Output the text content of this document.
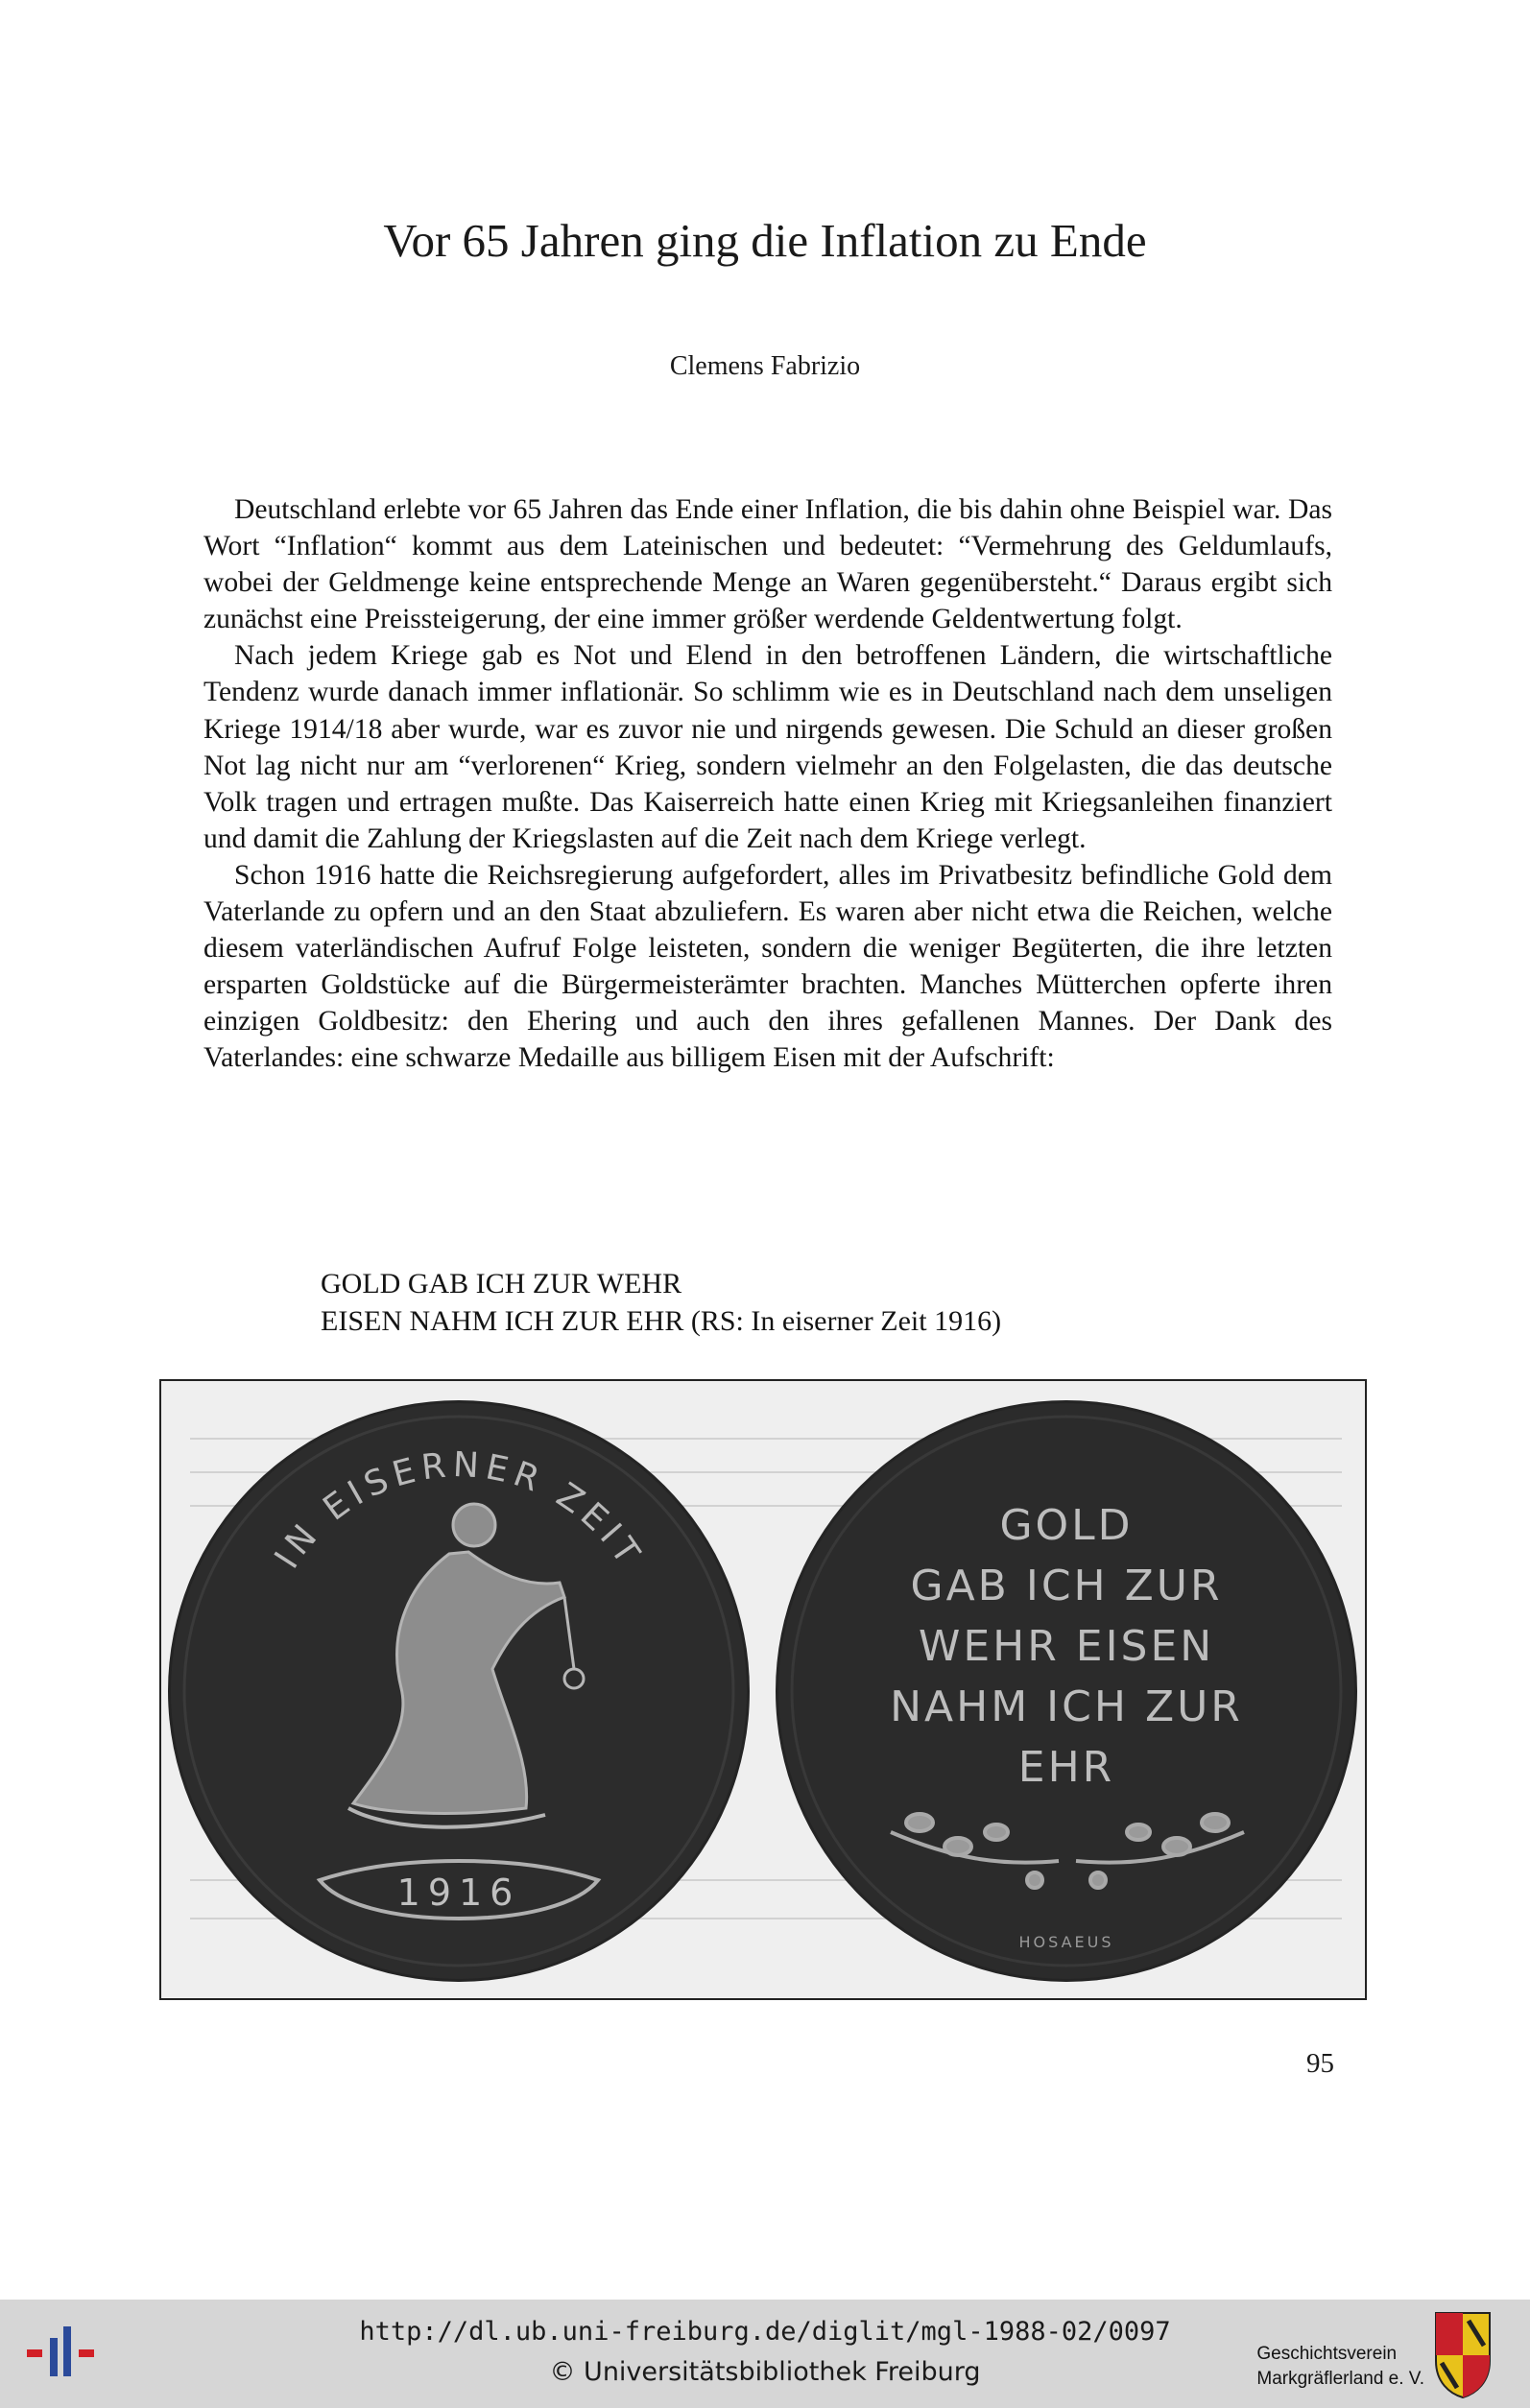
Vor 65 Jahren ging die Inflation zu Ende
Clemens Fabrizio

Deutschland erlebte vor 65 Jahren das Ende einer Inflation, die bis dahin ohne Beispiel war. Das Wort “Inflation“ kommt aus dem Lateinischen und bedeutet: “Vermehrung des Geldumlaufs, wobei der Geldmenge keine entsprechende Menge an Waren gegenübersteht.“ Daraus ergibt sich zunächst eine Preissteigerung, der eine immer größer werdende Geldentwertung folgt.

Nach jedem Kriege gab es Not und Elend in den betroffenen Ländern, die wirtschaftliche Tendenz wurde danach immer inflationär. So schlimm wie es in Deutschland nach dem unseligen Kriege 1914/18 aber wurde, war es zuvor nie und nirgends gewesen. Die Schuld an dieser großen Not lag nicht nur am “verlorenen“ Krieg, sondern vielmehr an den Folgelasten, die das deutsche Volk tragen und ertragen mußte. Das Kaiserreich hatte einen Krieg mit Kriegsanleihen finanziert und damit die Zahlung der Kriegslasten auf die Zeit nach dem Kriege verlegt.

Schon 1916 hatte die Reichsregierung aufgefordert, alles im Privatbesitz befindliche Gold dem Vaterlande zu opfern und an den Staat abzuliefern. Es waren aber nicht etwa die Reichen, welche diesem vaterländischen Aufruf Folge leisteten, sondern die weniger Begüterten, die ihre letzten ersparten Goldstücke auf die Bürgermeisterämter brachten. Manches Mütterchen opferte ihren einzigen Goldbesitz: den Ehering und auch den ihres gefallenen Mannes. Der Dank des Vaterlandes: eine schwarze Medaille aus billigem Eisen mit der Aufschrift:

GOLD GAB ICH ZUR WEHR
EISEN NAHM ICH ZUR EHR (RS: In eiserner Zeit 1916)
IN EISERNER ZEIT
1916
GOLD
GAB ICH ZUR
WEHR EISEN
NAHM ICH ZUR
EHR
HOSAEUS
95
http://dl.ub.uni-freiburg.de/diglit/mgl-1988-02/0097
© Universitätsbibliothek Freiburg
Geschichtsverein
Markgräflerland e. V.
